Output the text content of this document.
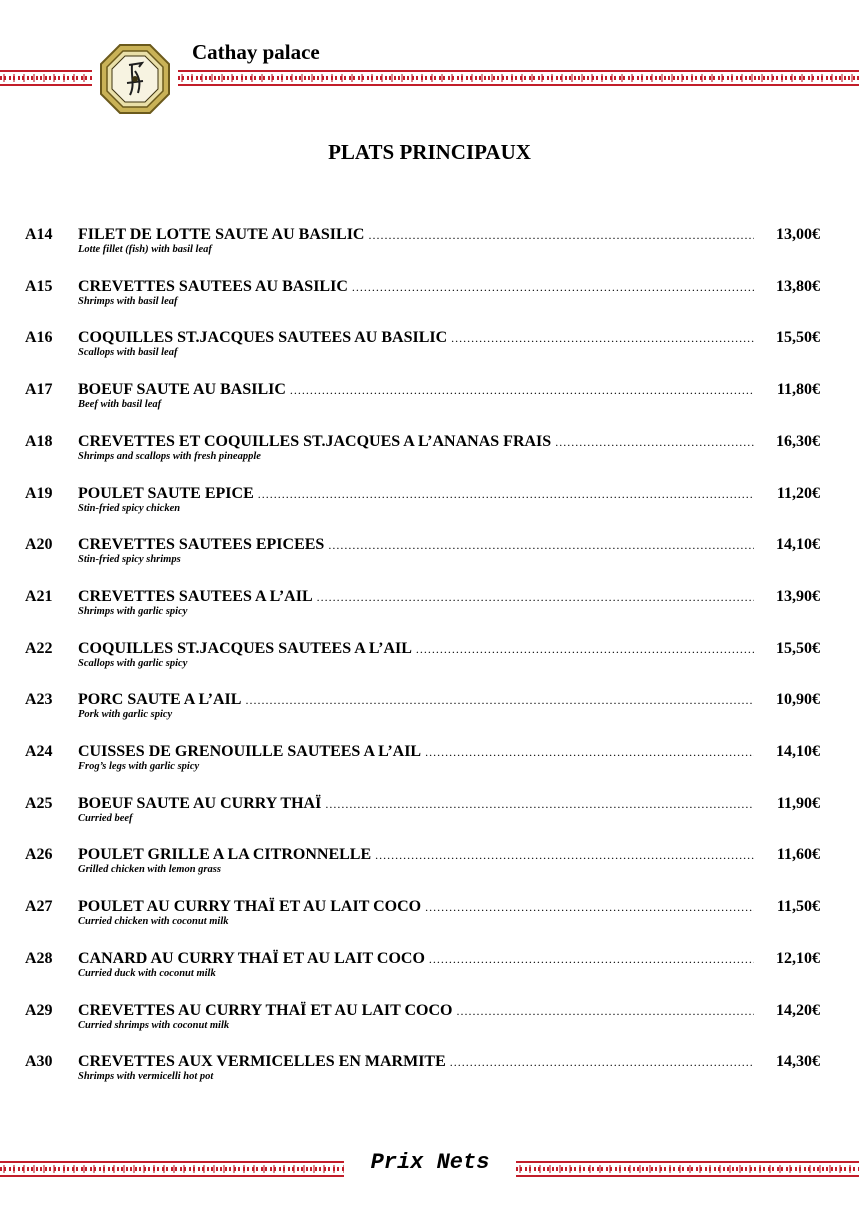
Cathay palace
PLATS PRINCIPAUX
A14 FILET DE LOTTE SAUTE AU BASILIC .....	13,00€
Lotte fillet (fish) with basil leaf
A15 CREVETTES SAUTEES AU BASILIC .....	13,80€
Shrimps with basil leaf
A16 COQUILLES ST.JACQUES SAUTEES AU BASILIC .....	15,50€
Scallops with basil leaf
A17 BOEUF SAUTE AU BASILIC .....	11,80€
Beef with basil leaf
A18 CREVETTES ET COQUILLES ST.JACQUES A L’ANANAS FRAIS .....	16,30€
Shrimps and scallops with fresh pineapple
A19 POULET SAUTE EPICE .....	11,20€
Stin-fried spicy chicken
A20 CREVETTES SAUTEES EPICEES .....	14,10€
Stin-fried spicy shrimps
A21 CREVETTES SAUTEES A L’AIL .....	13,90€
Shrimps with garlic spicy
A22 COQUILLES ST.JACQUES SAUTEES A L’AIL .....	15,50€
Scallops with garlic spicy
A23 PORC SAUTE A L’AIL .....	10,90€
Pork with garlic spicy
A24 CUISSES DE GRENOUILLE SAUTEES A L’AIL .....	14,10€
Frog’s legs with garlic spicy
A25 BOEUF SAUTE AU CURRY THAÏ .....	11,90€
Curried beef
A26 POULET GRILLE A LA CITRONNELLE .....	11,60€
Grilled chicken with lemon grass
A27 POULET AU CURRY THAÏ ET AU LAIT COCO .....	11,50€
Curried chicken with coconut milk
A28 CANARD AU CURRY THAÏ ET AU LAIT COCO .....	12,10€
Curried duck with coconut milk
A29 CREVETTES AU CURRY THAÏ ET AU LAIT COCO .....	14,20€
Curried shrimps with coconut milk
A30 CREVETTES AUX VERMICELLES EN MARMITE .....	14,30€
Shrimps with vermicelli hot pot
Prix Nets
